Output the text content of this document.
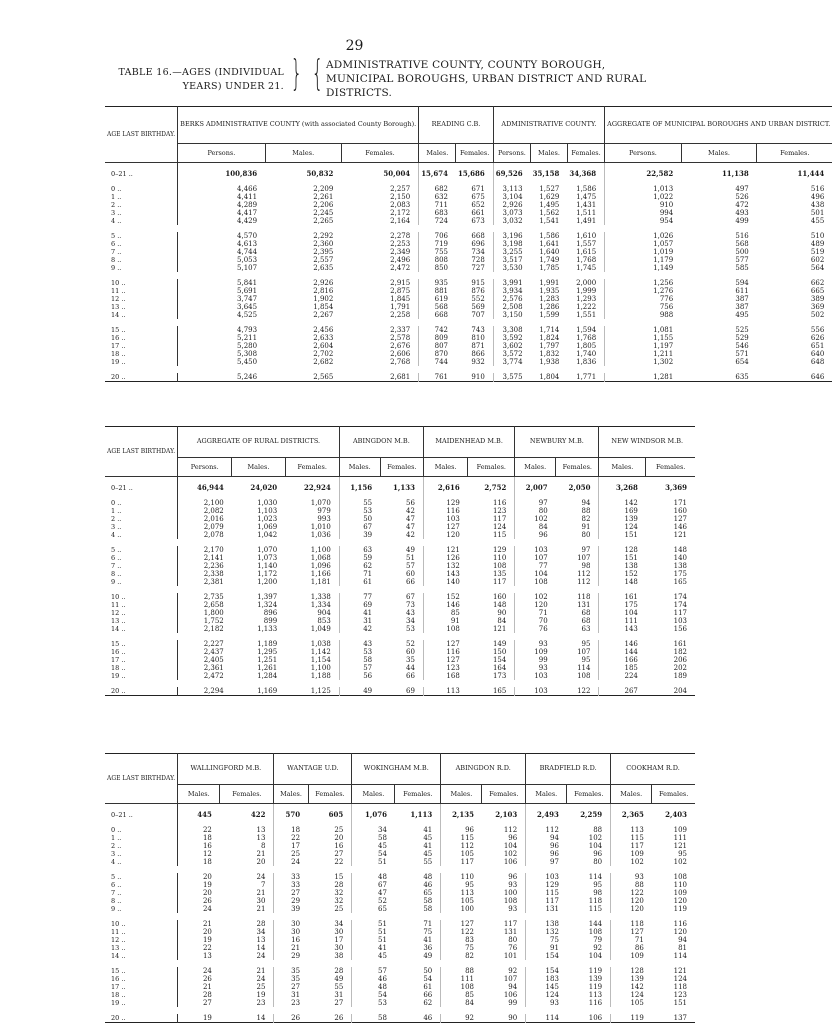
29
TABLE 16.—AGES (INDIVIDUAL YEARS) UNDER 21. } { ADMINISTRATIVE COUNTY, COUNTY BOROUGH, MUNICIPAL BOROUGHS, URBAN DISTRICT AND RURAL DISTRICTS.
AGE LAST BIRTHDAY.	BERKS ADMINISTRATIVE COUNTY (with associated County Borough).			READING C.B.		ADMINISTRATIVE COUNTY.			AGGREGATE OF MUNICIPAL BOROUGHS AND URBAN DISTRICT.		
	Persons.	Males.	Females.	Males.	Females.	Persons.	Males.	Females.	Persons.	Males.	Females.
0–21 ..	100,836	50,832	50,004	15,674	15,686	69,526	35,158	34,368	22,582	11,138	11,444
0 ..	4,466	2,209	2,257	682	671	3,113	1,527	1,586	1,013	497	516
1 ..	4,411	2,261	2,150	632	675	3,104	1,629	1,475	1,022	526	496
2 ..	4,289	2,206	2,083	711	652	2,926	1,495	1,431	910	472	438
3 ..	4,417	2,245	2,172	683	661	3,073	1,562	1,511	994	493	501
4 ..	4,429	2,265	2,164	724	673	3,032	1,541	1,491	954	499	455

5 ..	4,570	2,292	2,278	706	668	3,196	1,586	1,610	1,026	516	510
6 ..	4,613	2,360	2,253	719	696	3,198	1,641	1,557	1,057	568	489
7 ..	4,744	2,395	2,349	755	734	3,255	1,640	1,615	1,019	500	519
8 ..	5,053	2,557	2,496	808	728	3,517	1,749	1,768	1,179	577	602
9 ..	5,107	2,635	2,472	850	727	3,530	1,785	1,745	1,149	585	564

10 ..	5,841	2,926	2,915	935	915	3,991	1,991	2,000	1,256	594	662
11 ..	5,691	2,816	2,875	881	876	3,934	1,935	1,999	1,276	611	665
12 ..	3,747	1,902	1,845	619	552	2,576	1,283	1,293	776	387	389
13 ..	3,645	1,854	1,791	568	569	2,508	1,286	1,222	756	387	369
14 ..	4,525	2,267	2,258	668	707	3,150	1,599	1,551	988	495	502

15 ..	4,793	2,456	2,337	742	743	3,308	1,714	1,594	1,081	525	556
16 ..	5,211	2,633	2,578	809	810	3,592	1,824	1,768	1,155	529	626
17 ..	5,280	2,604	2,676	807	871	3,602	1,797	1,805	1,197	546	651
18 ..	5,308	2,702	2,606	870	866	3,572	1,832	1,740	1,211	571	640
19 ..	5,450	2,682	2,768	744	932	3,774	1,938	1,836	1,302	654	648

20 ..	5,246	2,565	2,681	761	910	3,575	1,804	1,771	1,281	635	646
AGE LAST BIRTHDAY.	AGGREGATE OF RURAL DISTRICTS.			ABINGDON M.B.		MAIDENHEAD M.B.		NEWBURY M.B.		NEW WINDSOR M.B.	
	Persons.	Males.	Females.	Males.	Females.	Males.	Females.	Males.	Females.	Males.	Females.
0–21 ..	46,944	24,020	22,924	1,156	1,133	2,616	2,752	2,007	2,050	3,268	3,369
0 ..	2,100	1,030	1,070	55	56	129	116	97	94	142	171
1 ..	2,082	1,103	979	53	42	116	123	80	88	169	160
2 ..	2,016	1,023	993	50	47	103	117	102	82	139	127
3 ..	2,079	1,069	1,010	67	47	127	124	84	91	124	146
4 ..	2,078	1,042	1,036	39	42	120	115	96	80	151	121

5 ..	2,170	1,070	1,100	63	49	121	129	103	97	128	148
6 ..	2,141	1,073	1,068	59	51	126	110	107	107	151	140
7 ..	2,236	1,140	1,096	62	57	132	108	77	98	138	138
8 ..	2,338	1,172	1,166	71	60	143	135	104	112	152	175
9 ..	2,381	1,200	1,181	61	66	140	117	108	112	148	165

10 ..	2,735	1,397	1,338	77	67	152	160	102	118	161	174
11 ..	2,658	1,324	1,334	69	73	146	148	120	131	175	174
12 ..	1,800	896	904	41	43	85	90	71	68	104	117
13 ..	1,752	899	853	31	34	91	84	70	68	111	103
14 ..	2,182	1,133	1,049	42	53	108	121	76	63	143	156

15 ..	2,227	1,189	1,038	43	52	127	149	93	95	146	161
16 ..	2,437	1,295	1,142	53	60	116	150	109	107	144	182
17 ..	2,405	1,251	1,154	58	35	127	154	99	95	166	206
18 ..	2,361	1,261	1,100	57	44	123	164	93	114	185	202
19 ..	2,472	1,284	1,188	56	66	168	173	103	108	224	189

20 ..	2,294	1,169	1,125	49	69	113	165	103	122	267	204
AGE LAST BIRTHDAY.	WALLINGFORD M.B.		WANTAGE U.D.		WOKINGHAM M.B.		ABINGDON R.D.		BRADFIELD R.D.		COOKHAM R.D.	
	Males.	Females.	Males.	Females.	Males.	Females.	Males.	Females.	Males.	Females.	Males.	Females.
0–21 ..	445	422	570	605	1,076	1,113	2,135	2,103	2,493	2,259	2,365	2,403
0 ..	22	13	18	25	34	41	96	112	112	88	113	109
1 ..	18	13	22	20	58	45	115	96	94	102	115	111
2 ..	16	8	17	16	45	41	112	104	96	104	117	121
3 ..	12	21	25	27	54	45	105	102	96	96	109	95
4 ..	18	20	24	22	51	55	117	106	97	80	102	102

5 ..	20	24	33	15	48	48	110	96	103	114	93	108
6 ..	19	7	33	28	67	46	95	93	129	95	88	110
7 ..	20	21	27	32	47	65	113	100	115	98	122	109
8 ..	26	30	29	32	52	58	105	108	117	118	120	120
9 ..	24	21	39	25	65	58	100	93	131	115	120	119

10 ..	21	28	30	34	51	71	127	117	138	144	118	116
11 ..	20	34	30	30	51	75	122	131	132	108	127	120
12 ..	19	13	16	17	51	41	83	80	75	79	71	94
13 ..	22	14	21	30	41	36	75	76	91	92	86	81
14 ..	13	24	29	38	45	49	82	101	154	104	109	114

15 ..	24	21	35	28	57	50	88	92	154	119	128	121
16 ..	26	24	35	49	46	54	111	107	183	139	139	124
17 ..	21	25	27	55	48	61	108	94	145	119	142	118
18 ..	28	19	31	31	54	66	85	106	124	113	124	123
19 ..	27	23	23	27	53	62	84	99	93	116	105	151

20 ..	19	14	26	26	58	46	92	90	114	106	119	137
